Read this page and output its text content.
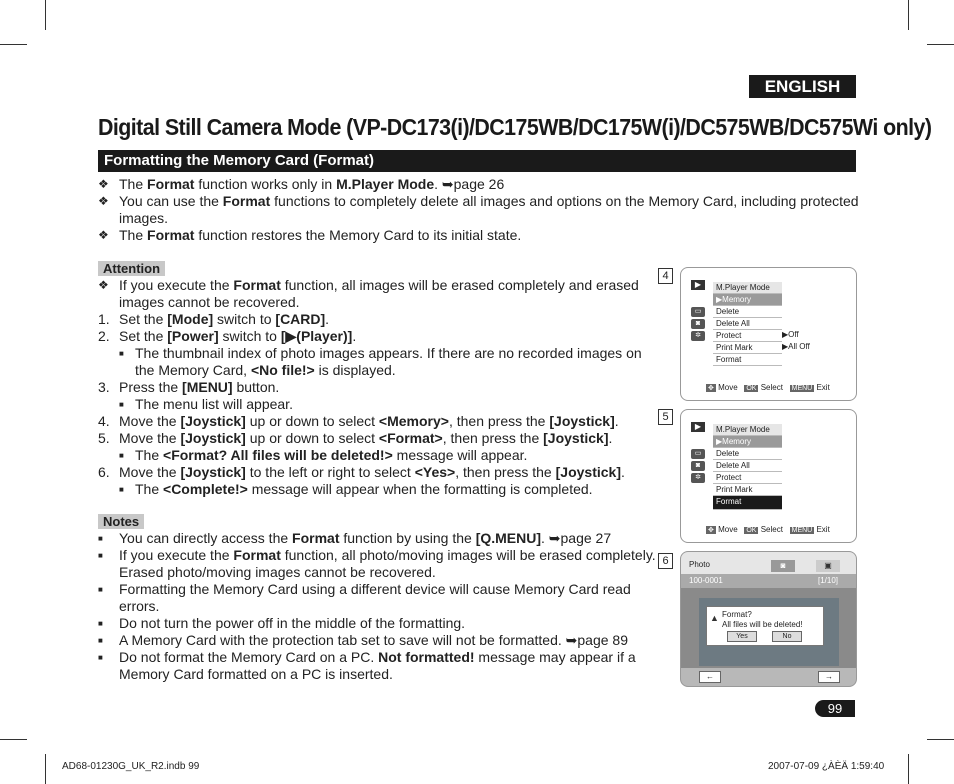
ENGLISH
Digital Still Camera Mode (VP-DC173(i)/DC175WB/DC175W(i)/DC575WB/DC575Wi only)
Formatting the Memory Card (Format)
❖ The Format function works only in M.Player Mode. ➥page 26
❖ You can use the Format functions to completely delete all images and options on the Memory Card, including protected
images.
❖ The Format function restores the Memory Card to its initial state.
Attention
❖ If you execute the Format function, all images will be erased completely and erased
images cannot be recovered.
1. Set the [Mode] switch to [CARD].
2. Set the [Power] switch to [▶(Player)].
■ The thumbnail index of photo images appears. If there are no recorded images on
the Memory Card, <No file!> is displayed.
3. Press the [MENU] button.
■ The menu list will appear.
4. Move the [Joystick] up or down to select <Memory>, then press the [Joystick].
5. Move the [Joystick] up or down to select <Format>, then press the [Joystick].
■ The <Format? All files will be deleted!> message will appear.
6. Move the [Joystick] to the left or right to select <Yes>, then press the [Joystick].
■ The <Complete!> message will appear when the formatting is completed.
Notes
■ You can directly access the Format function by using the [Q.MENU]. ➥page 27
■ If you execute the Format function, all photo/moving images will be erased completely.
Erased photo/moving images cannot be recovered.
■ Formatting the Memory Card using a different device will cause Memory Card read
errors.
■ Do not turn the power off in the middle of the formatting.
■ A Memory Card with the protection tab set to save will not be formatted. ➥page 89
■ Do not format the Memory Card on a PC. Not formatted! message may appear if a
Memory Card formatted on a PC is inserted.
4
▶
▭
◙
✲
M.Player Mode
▶Memory
Delete
Delete All
Protect
Print Mark
Format
▶Off
▶All Off
✥ Move OK Select MENU Exit
5
▶
▭
◙
✲
M.Player Mode
▶Memory
Delete
Delete All
Protect
Print Mark
Format
✥ Move OK Select MENU Exit
6	Photo	◙	▣
100-0001	[1/10]
▲ Format?
All files will be deleted!
Yes	No
←	→
99
AD68-01230G_UK_R2.indb 99	2007-07-09 ¿ÀÈÄ 1:59:40
